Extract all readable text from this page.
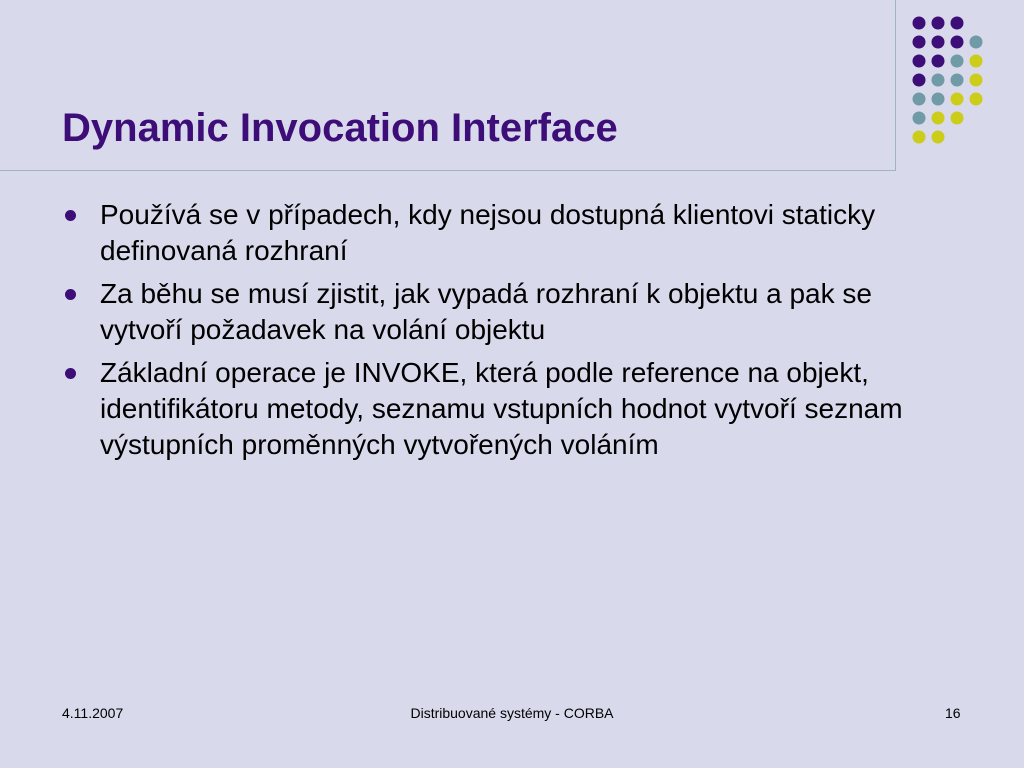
Dynamic Invocation Interface
Používá se v případech, kdy nejsou dostupná klientovi staticky definovaná rozhraní
Za běhu se musí zjistit, jak vypadá rozhraní k objektu a pak se vytvoří požadavek na volání objektu
Základní operace je INVOKE, která podle reference na objekt, identifikátoru metody, seznamu vstupních hodnot vytvoří seznam výstupních proměnných vytvořených voláním
4.11.2007	Distribuované systémy - CORBA	16
